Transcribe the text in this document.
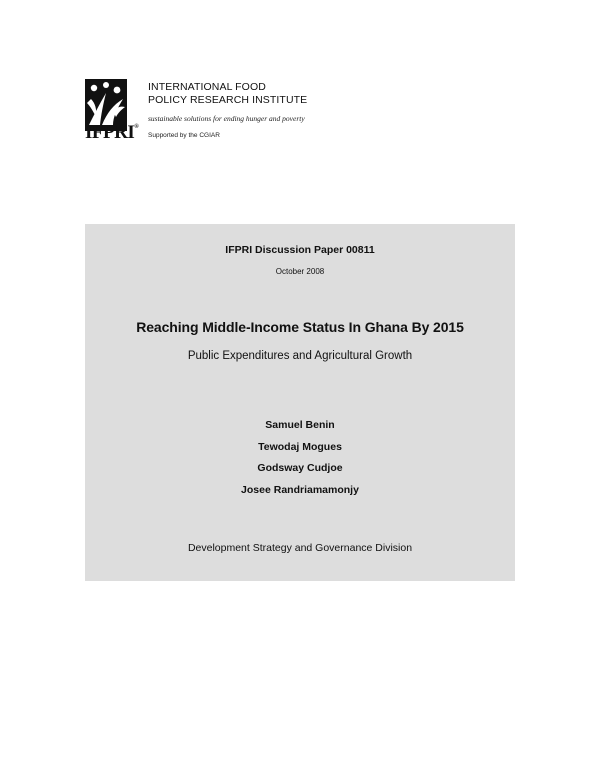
IFPRI®
INTERNATIONAL FOOD
POLICY RESEARCH INSTITUTE
sustainable solutions for ending hunger and poverty
Supported by the CGIAR
IFPRI Discussion Paper 00811
October 2008
Reaching Middle-Income Status In Ghana By 2015
Public Expenditures and Agricultural Growth
Samuel Benin
Tewodaj Mogues
Godsway Cudjoe
Josee Randriamamonjy
Development Strategy and Governance Division
